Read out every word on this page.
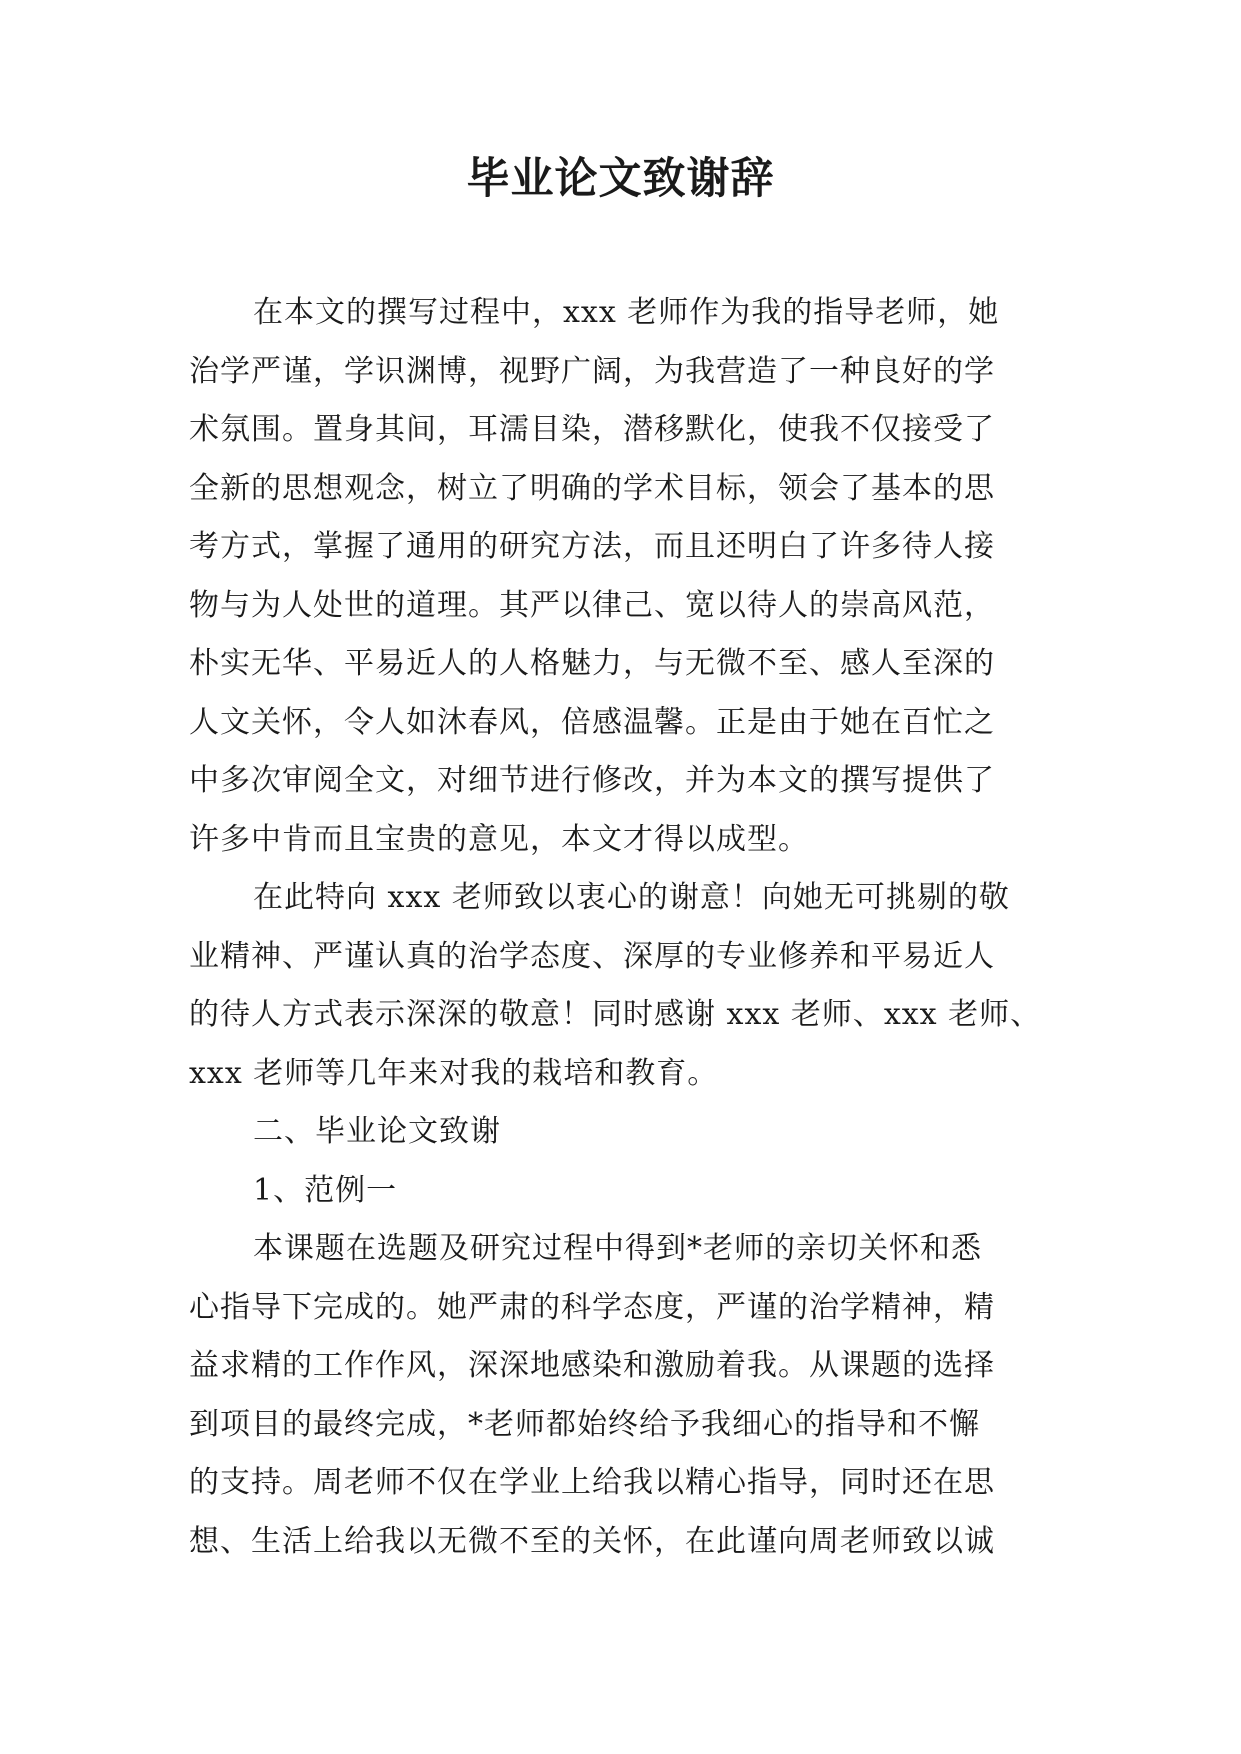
毕业论文致谢辞
在本文的撰写过程中，xxx 老师作为我的指导老师，她
治学严谨，学识渊博，视野广阔，为我营造了一种良好的学
术氛围。置身其间，耳濡目染，潜移默化，使我不仅接受了
全新的思想观念，树立了明确的学术目标，领会了基本的思
考方式，掌握了通用的研究方法，而且还明白了许多待人接
物与为人处世的道理。其严以律己、宽以待人的崇高风范，
朴实无华、平易近人的人格魅力，与无微不至、感人至深的
人文关怀，令人如沐春风，倍感温馨。正是由于她在百忙之
中多次审阅全文，对细节进行修改，并为本文的撰写提供了
许多中肯而且宝贵的意见，本文才得以成型。
在此特向 xxx 老师致以衷心的谢意！向她无可挑剔的敬
业精神、严谨认真的治学态度、深厚的专业修养和平易近人
的待人方式表示深深的敬意！同时感谢 xxx 老师、xxx 老师、
xxx 老师等几年来对我的栽培和教育。
二、毕业论文致谢
1、范例一
本课题在选题及研究过程中得到*老师的亲切关怀和悉
心指导下完成的。她严肃的科学态度，严谨的治学精神，精
益求精的工作作风，深深地感染和激励着我。从课题的选择
到项目的最终完成，*老师都始终给予我细心的指导和不懈
的支持。周老师不仅在学业上给我以精心指导，同时还在思
想、生活上给我以无微不至的关怀，在此谨向周老师致以诚
